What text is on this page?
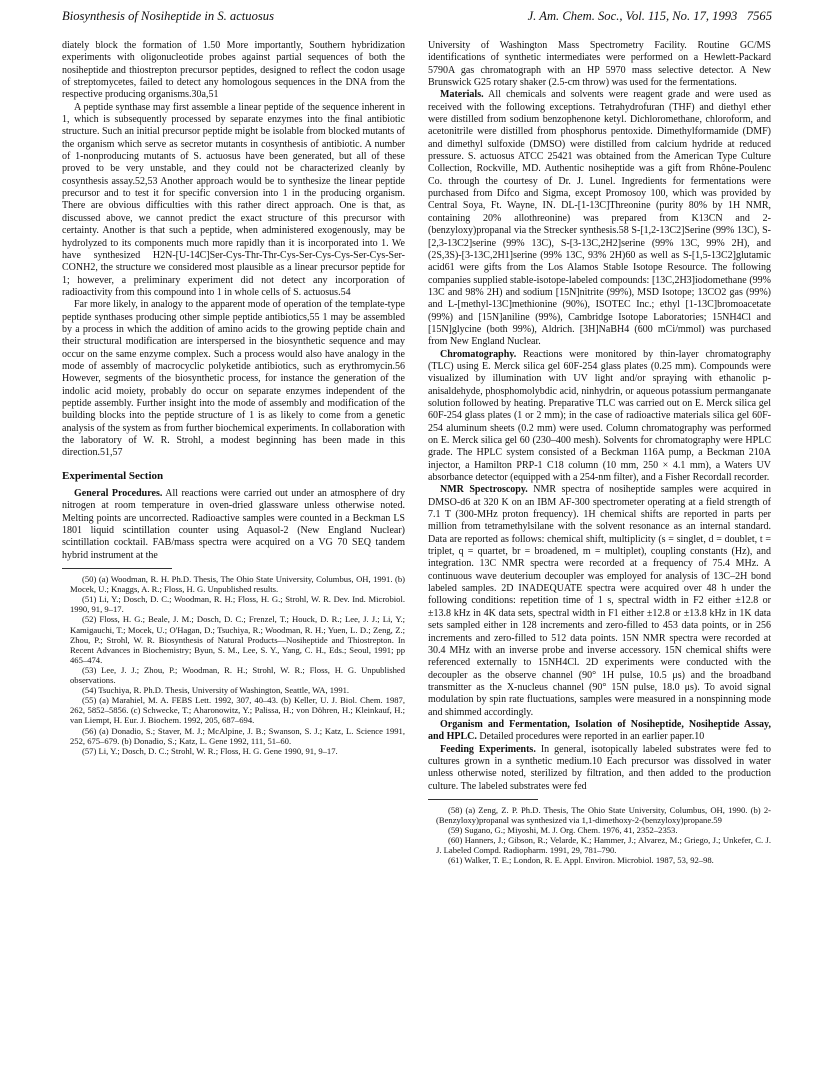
Biosynthesis of Nosiheptide in S. actuosus	J. Am. Chem. Soc., Vol. 115, No. 17, 1993   7565

diately block the formation of 1.50 More importantly, Southern hybridization experiments with oligonucleotide probes against partial sequences of both the nosiheptide and thiostrepton precursor peptides, designed to reflect the codon usage of streptomycetes, failed to detect any homologous sequences in the DNA from the respective producing organisms.30a,51

A peptide synthase may first assemble a linear peptide of the sequence inherent in 1, which is subsequently processed by separate enzymes into the final antibiotic structure. Such an initial precursor peptide might be isolable from blocked mutants of the organism which serve as secretor mutants in cosynthesis of antibiotic. A number of 1-nonproducing mutants of S. actuosus have been generated, but all of these proved to be very unstable, and they could not be characterized cleanly by cosynthesis assay.52,53 Another approach would be to synthesize the linear peptide precursor and to test it for specific conversion into 1 in the producing organism. There are obvious difficulties with this rather direct approach. One is that, as discussed above, we cannot predict the exact structure of this precursor with certainty. Another is that such a peptide, when administered exogenously, may be hydrolyzed to its components much more rapidly than it is incorporated into 1. We have synthesized H2N-[U-14C]Ser-Cys-Thr-Thr-Cys-Ser-Cys-Cys-Ser-Cys-Ser-CONH2, the structure we considered most plausible as a linear precursor peptide for 1; however, a preliminary experiment did not detect any incorporation of radioactivity from this compound into 1 in whole cells of S. actuosus.54

Far more likely, in analogy to the apparent mode of operation of the template-type peptide synthases producing other simple peptide antibiotics,55 1 may be assembled by a process in which the addition of amino acids to the growing peptide chain and their structural modification are interspersed in the biosynthetic sequence and may occur on the same enzyme complex. Such a process would also have analogy in the mode of assembly of macrocyclic polyketide antibiotics, such as erythromycin.56 However, segments of the biosynthetic process, for instance the generation of the indolic acid moiety, probably do occur on separate enzymes independent of the peptide assembly. Further insight into the mode of assembly and modification of the building blocks into the peptide structure of 1 is as likely to come from a genetic analysis of the system as from further biochemical experiments. In collaboration with the laboratory of W. R. Strohl, a modest beginning has been made in this direction.51,57

Experimental Section

General Procedures. All reactions were carried out under an atmosphere of dry nitrogen at room temperature in oven-dried glassware unless otherwise noted. Melting points are uncorrected. Radioactive samples were counted in a Beckman LS 1801 liquid scintillation counter using Aquasol-2 (New England Nuclear) scintillation cocktail. FAB/mass spectra were acquired on a VG 70 SEQ tandem hybrid instrument at the

(50) (a) Woodman, R. H. Ph.D. Thesis, The Ohio State University, Columbus, OH, 1991. (b) Mocek, U.; Knaggs, A. R.; Floss, H. G. Unpublished results.

(51) Li, Y.; Dosch, D. C.; Woodman, R. H.; Floss, H. G.; Strohl, W. R. Dev. Ind. Microbiol. 1990, 91, 9–17.

(52) Floss, H. G.; Beale, J. M.; Dosch, D. C.; Frenzel, T.; Houck, D. R.; Lee, J. J.; Li, Y.; Kamigauchi, T.; Mocek, U.; O'Hagan, D.; Tsuchiya, R.; Woodman, R. H.; Yuen, L. D.; Zeng, Z.; Zhou, P.; Strohl, W. R. Biosynthesis of Natural Products—Nosiheptide and Thiostrepton. In Recent Advances in Biochemistry; Byun, S. M., Lee, S. Y., Yang, C. H., Eds.; Seoul, 1991; pp 465–474.

(53) Lee, J. J.; Zhou, P.; Woodman, R. H.; Strohl, W. R.; Floss, H. G. Unpublished observations.

(54) Tsuchiya, R. Ph.D. Thesis, University of Washington, Seattle, WA, 1991.

(55) (a) Marahiel, M. A. FEBS Lett. 1992, 307, 40–43. (b) Keller, U. J. Biol. Chem. 1987, 262, 5852–5856. (c) Schwecke, T.; Aharonowitz, Y.; Palissa, H.; von Döhren, H.; Kleinkauf, H.; van Liempt, H. Eur. J. Biochem. 1992, 205, 687–694.

(56) (a) Donadio, S.; Staver, M. J.; McAlpine, J. B.; Swanson, S. J.; Katz, L. Science 1991, 252, 675–679. (b) Donadio, S.; Katz, L. Gene 1992, 111, 51–60.

(57) Li, Y.; Dosch, D. C.; Strohl, W. R.; Floss, H. G. Gene 1990, 91, 9–17.

University of Washington Mass Spectrometry Facility. Routine GC/MS identifications of synthetic intermediates were performed on a Hewlett-Packard 5790A gas chromatograph with an HP 5970 mass selective detector. A New Brunswick G25 rotary shaker (2.5-cm throw) was used for the fermentations.

Materials. All chemicals and solvents were reagent grade and were used as received with the following exceptions. Tetrahydrofuran (THF) and diethyl ether were distilled from sodium benzophenone ketyl. Dichloromethane, chloroform, and acetonitrile were distilled from phosphorus pentoxide. Dimethylformamide (DMF) and dimethyl sulfoxide (DMSO) were distilled from calcium hydride at reduced pressure. S. actuosus ATCC 25421 was obtained from the American Type Culture Collection, Rockville, MD. Authentic nosiheptide was a gift from Rhône-Poulenc Co. through the courtesy of Dr. J. Lunel. Ingredients for fermentations were purchased from Difco and Sigma, except Promosoy 100, which was provided by Central Soya, Ft. Wayne, IN. DL-[1-13C]Threonine (purity 80% by 1H NMR, containing 20% allothreonine) was prepared from K13CN and 2-(benzyloxy)propanal via the Strecker synthesis.58 S-[1,2-13C2]Serine (99% 13C), S-[2,3-13C2]serine (99% 13C), S-[3-13C,2H2]serine (99% 13C, 99% 2H), and (2S,3S)-[3-13C,2H1]serine (99% 13C, 93% 2H)60 as well as S-[1,5-13C2]glutamic acid61 were gifts from the Los Alamos Stable Isotope Resource. The following companies supplied stable-isotope-labeled compounds: [13C,2H3]iodomethane (99% 13C and 98% 2H) and sodium [15N]nitrite (99%), MSD Isotope; 13CO2 gas (99%) and L-[methyl-13C]methionine (90%), ISOTEC Inc.; ethyl [1-13C]bromoacetate (99%) and [15N]aniline (99%), Cambridge Isotope Laboratories; 15NH4Cl and [15N]glycine (both 99%), Aldrich. [3H]NaBH4 (600 mCi/mmol) was purchased from New England Nuclear.

Chromatography. Reactions were monitored by thin-layer chromatography (TLC) using E. Merck silica gel 60F-254 glass plates (0.25 mm). Compounds were visualized by illumination with UV light and/or spraying with ethanolic p-anisaldehyde, phosphomolybdic acid, ninhydrin, or aqueous potassium permanganate solution followed by heating. Preparative TLC was carried out on E. Merck silica gel 60F-254 glass plates (1 or 2 mm); in the case of radioactive materials silica gel 60F-254 aluminum sheets (0.2 mm) were used. Column chromatography was performed on E. Merck silica gel 60 (230–400 mesh). Solvents for chromatography were HPLC grade. The HPLC system consisted of a Beckman 116A pump, a Beckman 210A injector, a Hamilton PRP-1 C18 column (10 mm, 250 × 4.1 mm), a Waters UV absorbance detector (equipped with a 254-nm filter), and a Fisher Recordall recorder.

NMR Spectroscopy. NMR spectra of nosiheptide samples were acquired in DMSO-d6 at 320 K on an IBM AF-300 spectrometer operating at a field strength of 7.1 T (300-MHz proton frequency). 1H chemical shifts are reported in parts per million from tetramethylsilane with the solvent resonance as an internal standard. Data are reported as follows: chemical shift, multiplicity (s = singlet, d = doublet, t = triplet, q = quartet, br = broadened, m = multiplet), coupling constants (Hz), and integration. 13C NMR spectra were recorded at a frequency of 75.4 MHz. A continuous wave deuterium decoupler was employed for analysis of 13C–2H bond labeled samples. 2D INADEQUATE spectra were acquired over 48 h under the following conditions: repetition time of 1 s, spectral width in F2 either ±12.8 or ±13.8 kHz in 4K data sets, spectral width in F1 either ±12.8 or ±13.8 kHz in 1K data sets sampled either in 128 increments and zero-filled to 453 data points, or in 256 increments and zero-filled to 512 data points. 15N NMR spectra were recorded at 30.4 MHz with an inverse probe and inverse accessory. 15N chemical shifts were referenced externally to 15NH4Cl. 2D experiments were conducted with the decoupler as the observe channel (90° 1H pulse, 10.5 μs) and the broadband transmitter as the X-nucleus channel (90° 15N pulse, 18.0 μs). To avoid signal modulation by spin rate fluctuations, samples were measured in a nonspinning mode and shimmed accordingly.

Organism and Fermentation, Isolation of Nosiheptide, Nosiheptide Assay, and HPLC. Detailed procedures were reported in an earlier paper.10

Feeding Experiments. In general, isotopically labeled substrates were fed to cultures grown in a synthetic medium.10 Each precursor was dissolved in water unless otherwise noted, sterilized by filtration, and then added to the production culture. The labeled substrates were fed

(58) (a) Zeng, Z. P. Ph.D. Thesis, The Ohio State University, Columbus, OH, 1990. (b) 2-(Benzyloxy)propanal was synthesized via 1,1-dimethoxy-2-(benzyloxy)propane.59

(59) Sugano, G.; Miyoshi, M. J. Org. Chem. 1976, 41, 2352–2353.

(60) Hanners, J.; Gibson, R.; Velarde, K.; Hammer, J.; Alvarez, M.; Griego, J.; Unkefer, C. J. J. Labeled Compd. Radiopharm. 1991, 29, 781–790.

(61) Walker, T. E.; London, R. E. Appl. Environ. Microbiol. 1987, 53, 92–98.
